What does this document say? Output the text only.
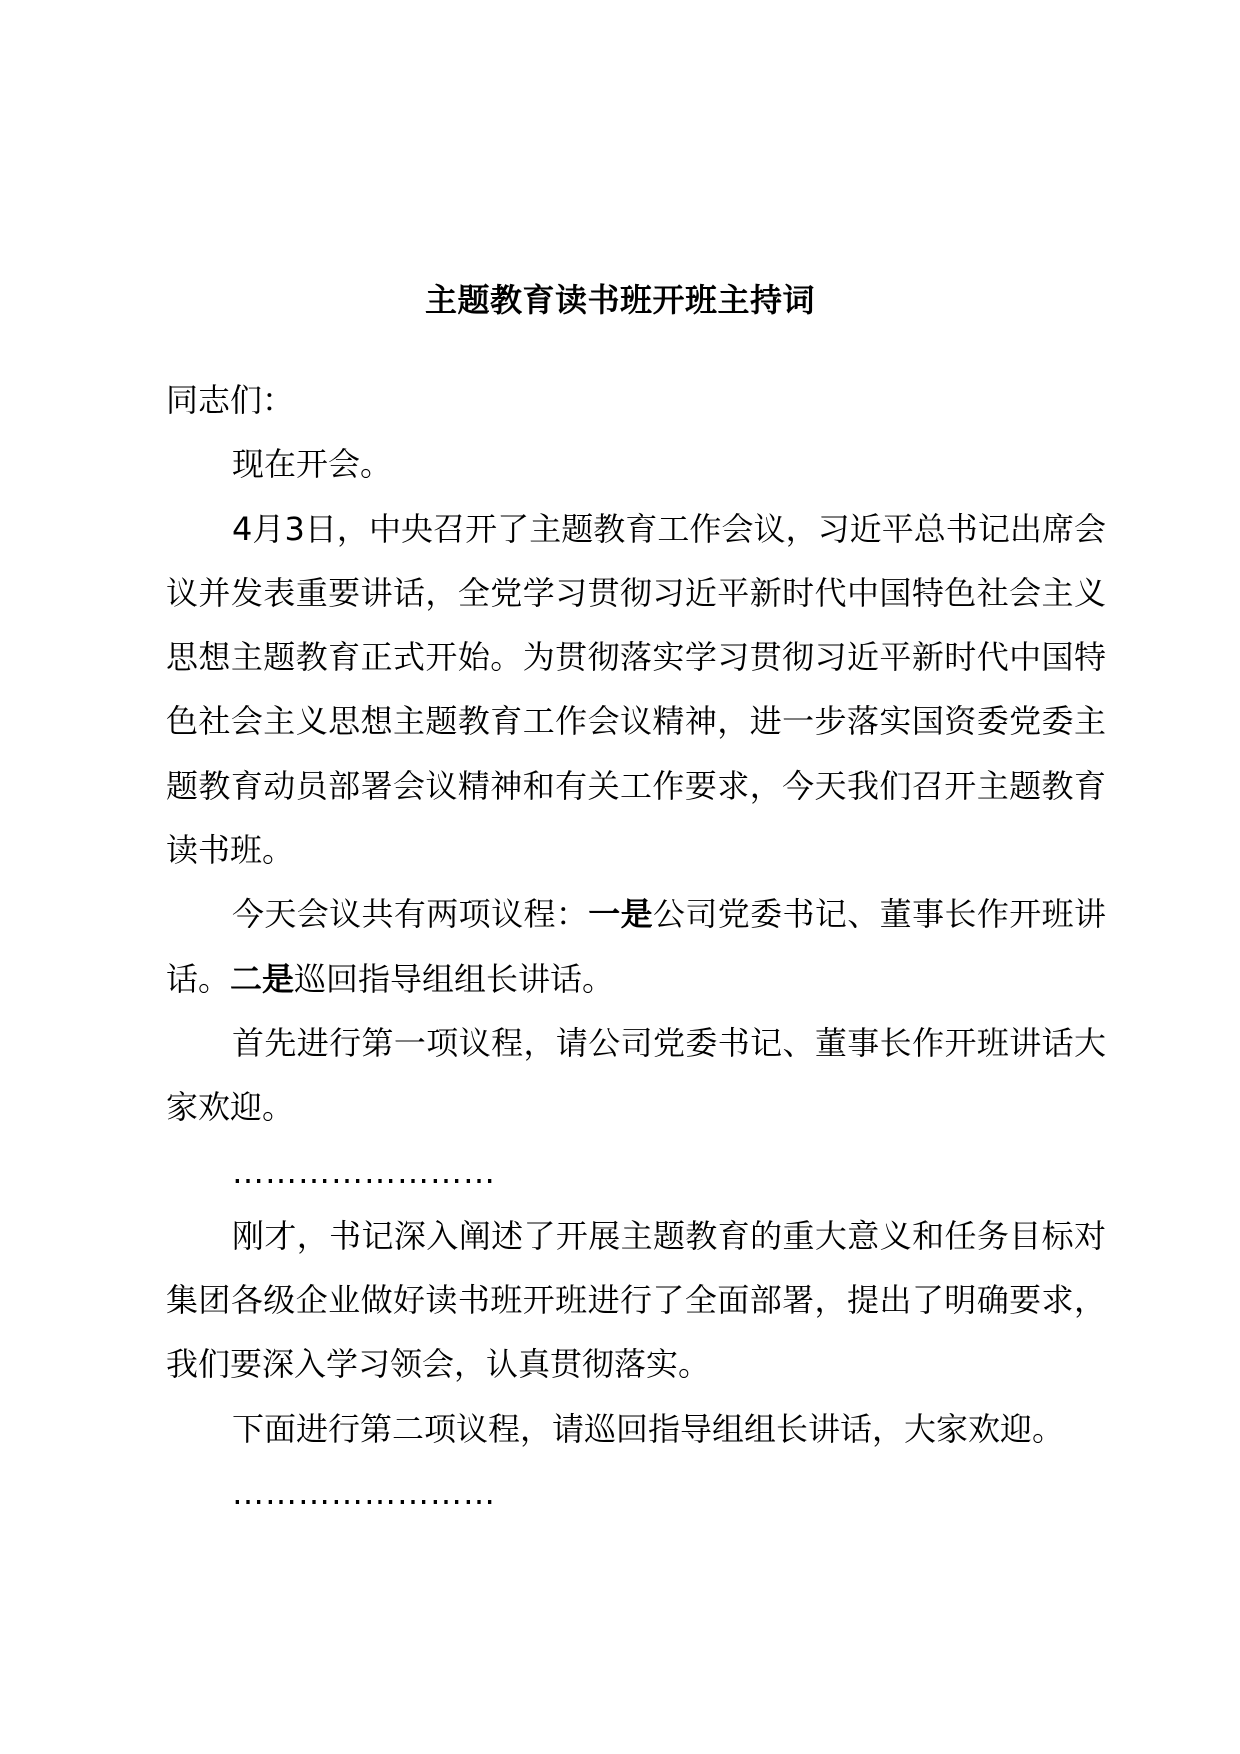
主题教育读书班开班主持词

同志们：

现在开会。

4月3日，中央召开了主题教育工作会议，习近平总书记出席会议并发表重要讲话，全党学习贯彻习近平新时代中国特色社会主义思想主题教育正式开始。为贯彻落实学习贯彻习近平新时代中国特色社会主义思想主题教育工作会议精神，进一步落实国资委党委主题教育动员部署会议精神和有关工作要求，今天我们召开主题教育读书班。

今天会议共有两项议程：一是公司党委书记、董事长作开班讲话。二是巡回指导组组长讲话。

首先进行第一项议程，请公司党委书记、董事长作开班讲话大家欢迎。

……………………

刚才，书记深入阐述了开展主题教育的重大意义和任务目标对集团各级企业做好读书班开班进行了全面部署，提出了明确要求，我们要深入学习领会，认真贯彻落实。

下面进行第二项议程，请巡回指导组组长讲话，大家欢迎。

……………………
